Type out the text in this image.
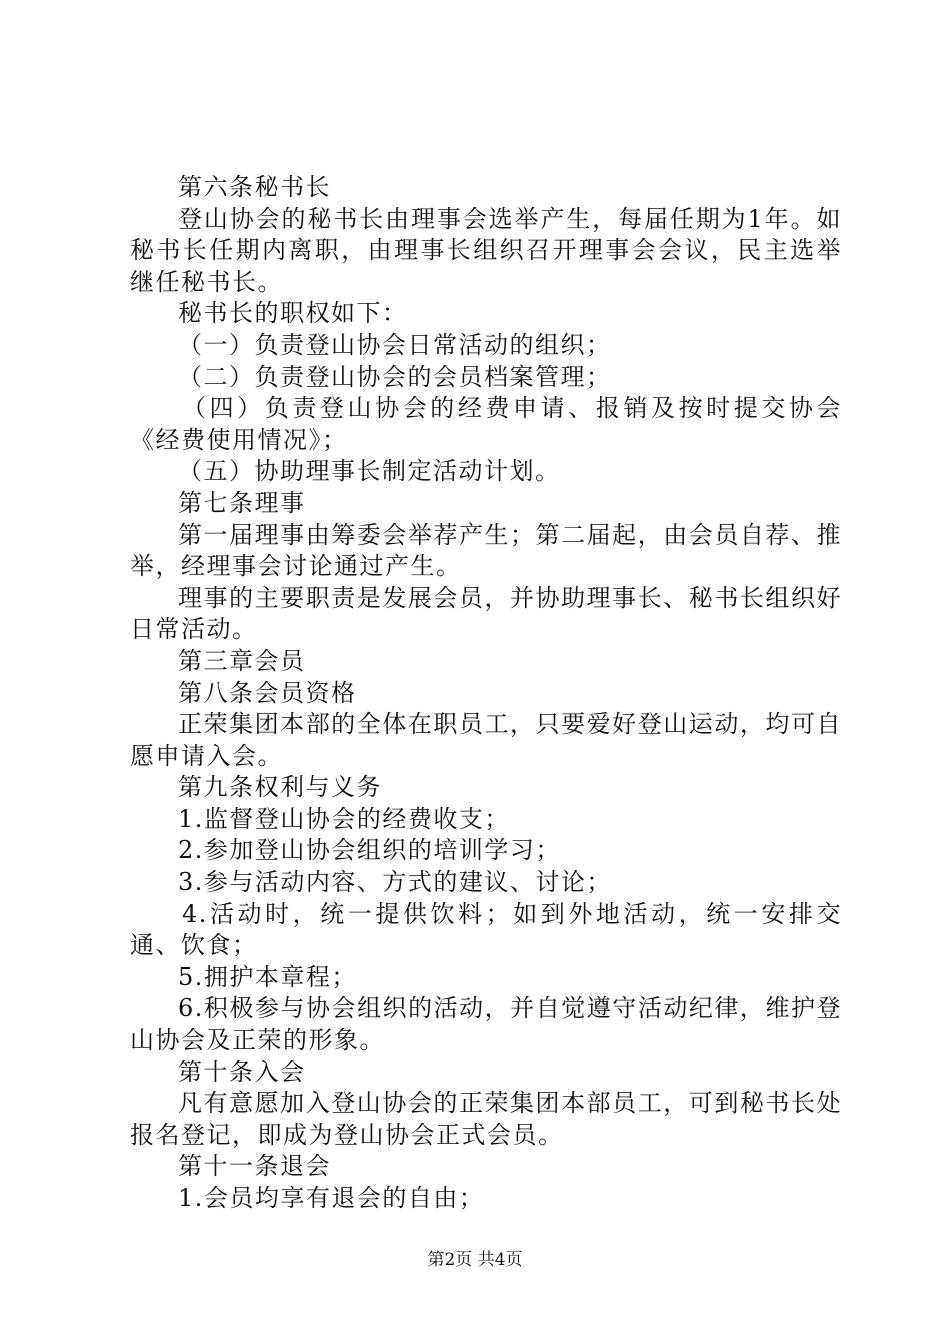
第六条秘书长

登山协会的秘书长由理事会选举产生，每届任期为1年。如秘书长任期内离职，由理事长组织召开理事会会议，民主选举继任秘书长。

秘书长的职权如下：

（一）负责登山协会日常活动的组织；

（二）负责登山协会的会员档案管理；

（四）负责登山协会的经费申请、报销及按时提交协会《经费使用情况》；

（五）协助理事长制定活动计划。

第七条理事

第一届理事由筹委会举荐产生；第二届起，由会员自荐、推举，经理事会讨论通过产生。

理事的主要职责是发展会员，并协助理事长、秘书长组织好日常活动。

第三章会员

第八条会员资格

正荣集团本部的全体在职员工，只要爱好登山运动，均可自愿申请入会。

第九条权利与义务

1.监督登山协会的经费收支；

2.参加登山协会组织的培训学习；

3.参与活动内容、方式的建议、讨论；

4.活动时，统一提供饮料；如到外地活动，统一安排交通、饮食；

5.拥护本章程；

6.积极参与协会组织的活动，并自觉遵守活动纪律，维护登山协会及正荣的形象。

第十条入会

凡有意愿加入登山协会的正荣集团本部员工，可到秘书长处报名登记，即成为登山协会正式会员。

第十一条退会

1.会员均享有退会的自由；

第2页 共4页
